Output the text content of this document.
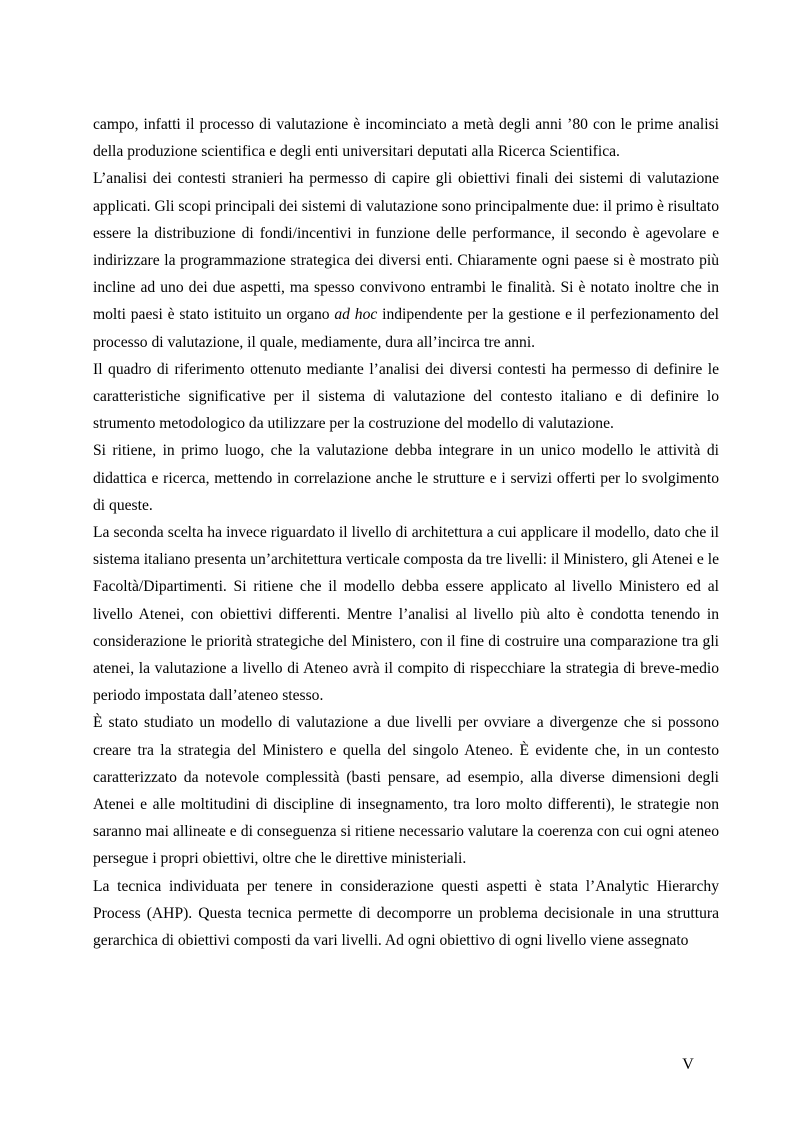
campo, infatti il processo di valutazione è incominciato a metà degli anni ’80 con le prime analisi della produzione scientifica e degli enti universitari deputati alla Ricerca Scientifica.

L’analisi dei contesti stranieri ha permesso di capire gli obiettivi finali dei sistemi di valutazione applicati. Gli scopi principali dei sistemi di valutazione sono principalmente due: il primo è risultato essere la distribuzione di fondi/incentivi in funzione delle performance, il secondo è agevolare e indirizzare la programmazione strategica dei diversi enti. Chiaramente ogni paese si è mostrato più incline ad uno dei due aspetti, ma spesso convivono entrambi le finalità. Si è notato inoltre che in molti paesi è stato istituito un organo ad hoc indipendente per la gestione e il perfezionamento del processo di valutazione, il quale, mediamente, dura all’incirca tre anni.

Il quadro di riferimento ottenuto mediante l’analisi dei diversi contesti ha permesso di definire le caratteristiche significative per il sistema di valutazione del contesto italiano e di definire lo strumento metodologico da utilizzare per la costruzione del modello di valutazione.

Si ritiene, in primo luogo, che la valutazione debba integrare in un unico modello le attività di didattica e ricerca, mettendo in correlazione anche le strutture e i servizi offerti per lo svolgimento di queste.

La seconda scelta ha invece riguardato il livello di architettura a cui applicare il modello, dato che il sistema italiano presenta un’architettura verticale composta da tre livelli: il Ministero, gli Atenei e le Facoltà/Dipartimenti. Si ritiene che il modello debba essere applicato al livello Ministero ed al livello Atenei, con obiettivi differenti. Mentre l’analisi al livello più alto è condotta tenendo in considerazione le priorità strategiche del Ministero, con il fine di costruire una comparazione tra gli atenei, la valutazione a livello di Ateneo avrà il compito di rispecchiare la strategia di breve-medio periodo impostata dall’ateneo stesso.

È stato studiato un modello di valutazione a due livelli per ovviare a divergenze che si possono creare tra la strategia del Ministero e quella del singolo Ateneo. È evidente che, in un contesto caratterizzato da notevole complessità (basti pensare, ad esempio, alla diverse dimensioni degli Atenei e alle moltitudini di discipline di insegnamento, tra loro molto differenti), le strategie non saranno mai allineate e di conseguenza si ritiene necessario valutare la coerenza con cui ogni ateneo persegue i propri obiettivi, oltre che le direttive ministeriali.

La tecnica individuata per tenere in considerazione questi aspetti è stata l’Analytic Hierarchy Process (AHP). Questa tecnica permette di decomporre un problema decisionale in una struttura gerarchica di obiettivi composti da vari livelli. Ad ogni obiettivo di ogni livello viene assegnato

V
